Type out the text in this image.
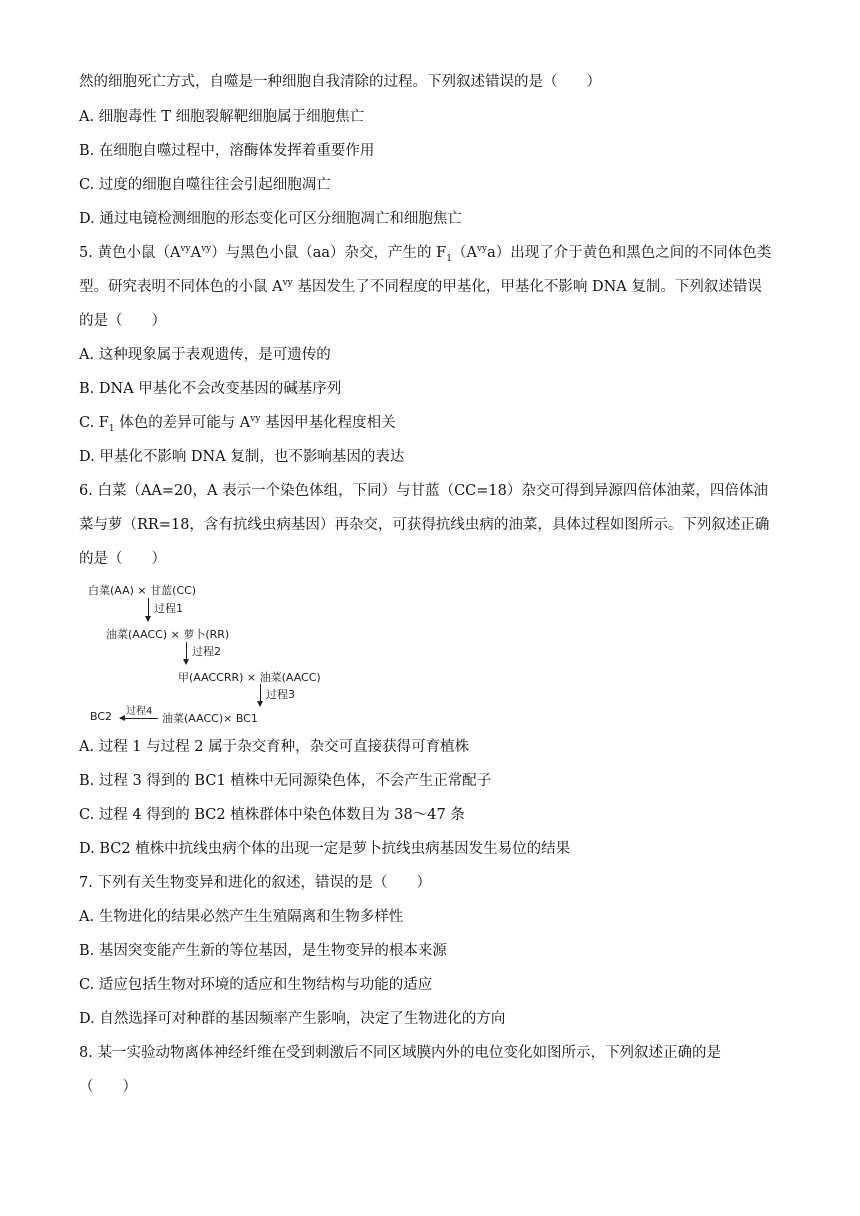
然的细胞死亡方式，自噬是一种细胞自我清除的过程。下列叙述错误的是（　　）
A. 细胞毒性 T 细胞裂解靶细胞属于细胞焦亡
B. 在细胞自噬过程中，溶酶体发挥着重要作用
C. 过度的细胞自噬往往会引起细胞凋亡
D. 通过电镜检测细胞的形态变化可区分细胞凋亡和细胞焦亡
5. 黄色小鼠$(A^{vy}A^{vy})$与黑色小鼠（aa）杂交，产生的 $F_1(A^{vy}a)$出现了介于黄色和黑色之间的不同体色类
型。研究表明不同体色的小鼠 $A^{vy}$ 基因发生了不同程度的甲基化，甲基化不影响 DNA 复制。下列叙述错误
的是（　　）
A. 这种现象属于表观遗传，是可遗传的
B. DNA 甲基化不会改变基因的碱基序列
C. $F_1$ 体色的差异可能与 $A^{vy}$ 基因甲基化程度相关
D. 甲基化不影响 DNA 复制，也不影响基因的表达
6. 白菜（AA=20，A 表示一个染色体组，下同）与甘蓝（CC=18）杂交可得到异源四倍体油菜，四倍体油
菜与萝（RR=18，含有抗线虫病基因）再杂交，可获得抗线虫病的油菜，具体过程如图所示。下列叙述正确
的是（　　）
白菜(AA) × 甘蓝(CC)
过程1
油菜(AACC) × 萝卜(RR)
过程2
甲(AACCRR) × 油菜(AACC)
过程3
BC2 过程4
油菜(AACC)× BC1
A. 过程 1 与过程 2 属于杂交育种，杂交可直接获得可育植株
B. 过程 3 得到的 BC1 植株中无同源染色体，不会产生正常配子
C. 过程 4 得到的 BC2 植株群体中染色体数目为 38～47 条
D. BC2 植株中抗线虫病个体的出现一定是萝卜抗线虫病基因发生易位的结果
7. 下列有关生物变异和进化的叙述，错误的是（　　）
A. 生物进化的结果必然产生生殖隔离和生物多样性
B. 基因突变能产生新的等位基因，是生物变异的根本来源
C. 适应包括生物对环境的适应和生物结构与功能的适应
D. 自然选择可对种群的基因频率产生影响，决定了生物进化的方向
8. 某一实验动物离体神经纤维在受到刺激后不同区域膜内外的电位变化如图所示，下列叙述正确的是
（　　）
